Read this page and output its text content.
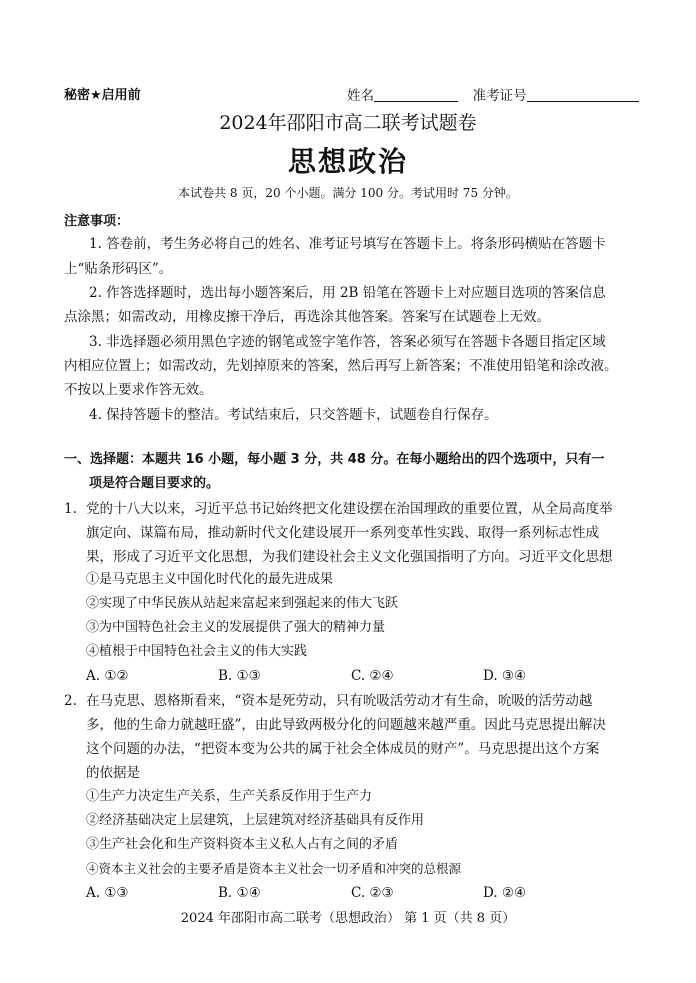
秘密★启用前	姓名	准考证号
2024年邵阳市高二联考试题卷
思想政治
本试卷共 8 页，20 个小题。满分 100 分。考试用时 75 分钟。
注意事项：
1. 答卷前，考生务必将自己的姓名、准考证号填写在答题卡上。将条形码横贴在答题卡
上“贴条形码区”。
2. 作答选择题时，选出每小题答案后，用 2B 铅笔在答题卡上对应题目选项的答案信息
点涂黑；如需改动，用橡皮擦干净后，再选涂其他答案。答案写在试题卷上无效。
3. 非选择题必须用黑色字迹的钢笔或签字笔作答，答案必须写在答题卡各题目指定区域
内相应位置上；如需改动，先划掉原来的答案，然后再写上新答案；不准使用铅笔和涂改液。
不按以上要求作答无效。
4. 保持答题卡的整洁。考试结束后，只交答题卡，试题卷自行保存。
一、选择题：本题共 16 小题，每小题 3 分，共 48 分。在每小题给出的四个选项中，只有一
项是符合题目要求的。
1. 党的十八大以来，习近平总书记始终把文化建设摆在治国理政的重要位置，从全局高度举
旗定向、谋篇布局，推动新时代文化建设展开一系列变革性实践、取得一系列标志性成
果，形成了习近平文化思想，为我们建设社会主义文化强国指明了方向。习近平文化思想
①是马克思主义中国化时代化的最先进成果
②实现了中华民族从站起来富起来到强起来的伟大飞跃
③为中国特色社会主义的发展提供了强大的精神力量
④植根于中国特色社会主义的伟大实践
A. ①②	B. ①③	C. ②④	D. ③④
2. 在马克思、恩格斯看来，“资本是死劳动，只有吮吸活劳动才有生命，吮吸的活劳动越
多，他的生命力就越旺盛”，由此导致两极分化的问题越来越严重。因此马克思提出解决
这个问题的办法，“把资本变为公共的属于社会全体成员的财产”。马克思提出这个方案
的依据是
①生产力决定生产关系，生产关系反作用于生产力
②经济基础决定上层建筑，上层建筑对经济基础具有反作用
③生产社会化和生产资料资本主义私人占有之间的矛盾
④资本主义社会的主要矛盾是资本主义社会一切矛盾和冲突的总根源
A. ①③	B. ①④	C. ②③	D. ②④
2024 年邵阳市高二联考（思想政治） 第 1 页（共 8 页）
